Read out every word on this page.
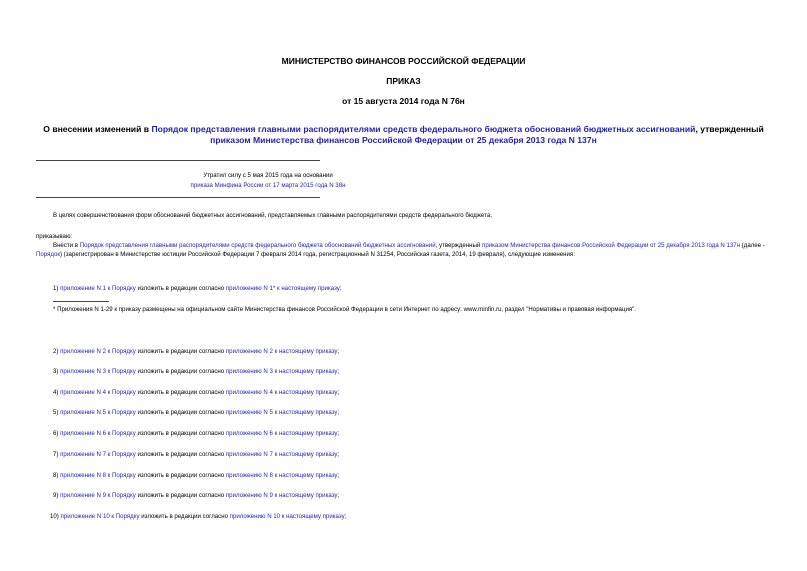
МИНИСТЕРСТВО ФИНАНСОВ РОССИЙСКОЙ ФЕДЕРАЦИИ
ПРИКАЗ
от 15 августа 2014 года N 76н
О внесении изменений в Порядок представления главными распорядителями средств федерального бюджета обоснований бюджетных ассигнований, утвержденный приказом Министерства финансов Российской Федерации от 25 декабря 2013 года N 137н
Утратил силу с 5 мая 2015 года на основании
приказа Минфина России от 17 марта 2015 года N 38н
В целях совершенствования форм обоснований бюджетных ассигнований, представляемых главными распорядителями средств федерального бюджета,
приказываю:
Внести в Порядок представления главными распорядителями средств федерального бюджета обоснований бюджетных ассигнований, утвержденный приказом Министерства финансов Российской Федерации от 25 декабря 2013 года N 137н (далее - Порядок) (зарегистрирован в Министерстве юстиции Российской Федерации 7 февраля 2014 года, регистрационный N 31254, Российская газета, 2014, 19 февраля), следующие изменения:
1) приложение N 1 к Порядку изложить в редакции согласно приложению N 1* к настоящему приказу;
* Приложения N 1-29 к приказу размещены на официальном сайте Министерства финансов Российской Федерации в сети Интернет по адресу: www.minfin.ru, раздел "Нормативы и правовая информация".
2) приложение N 2 к Порядку изложить в редакции согласно приложению N 2 к настоящему приказу;
3) приложение N 3 к Порядку изложить в редакции согласно приложению N 3 к настоящему приказу;
4) приложение N 4 к Порядку изложить в редакции согласно приложению N 4 к настоящему приказу;
5) приложение N 5 к Порядку изложить в редакции согласно приложению N 5 к настоящему приказу;
6) приложение N 6 к Порядку изложить в редакции согласно приложению N 6 к настоящему приказу;
7) приложение N 7 к Порядку изложить в редакции согласно приложению N 7 к настоящему приказу;
8) приложение N 8 к Порядку изложить в редакции согласно приложению N 8 к настоящему приказу;
9) приложение N 9 к Порядку изложить в редакции согласно приложению N 9 к настоящему приказу;
10) приложение N 10 к Порядку изложить в редакции согласно приложению N 10 к настоящему приказу;
